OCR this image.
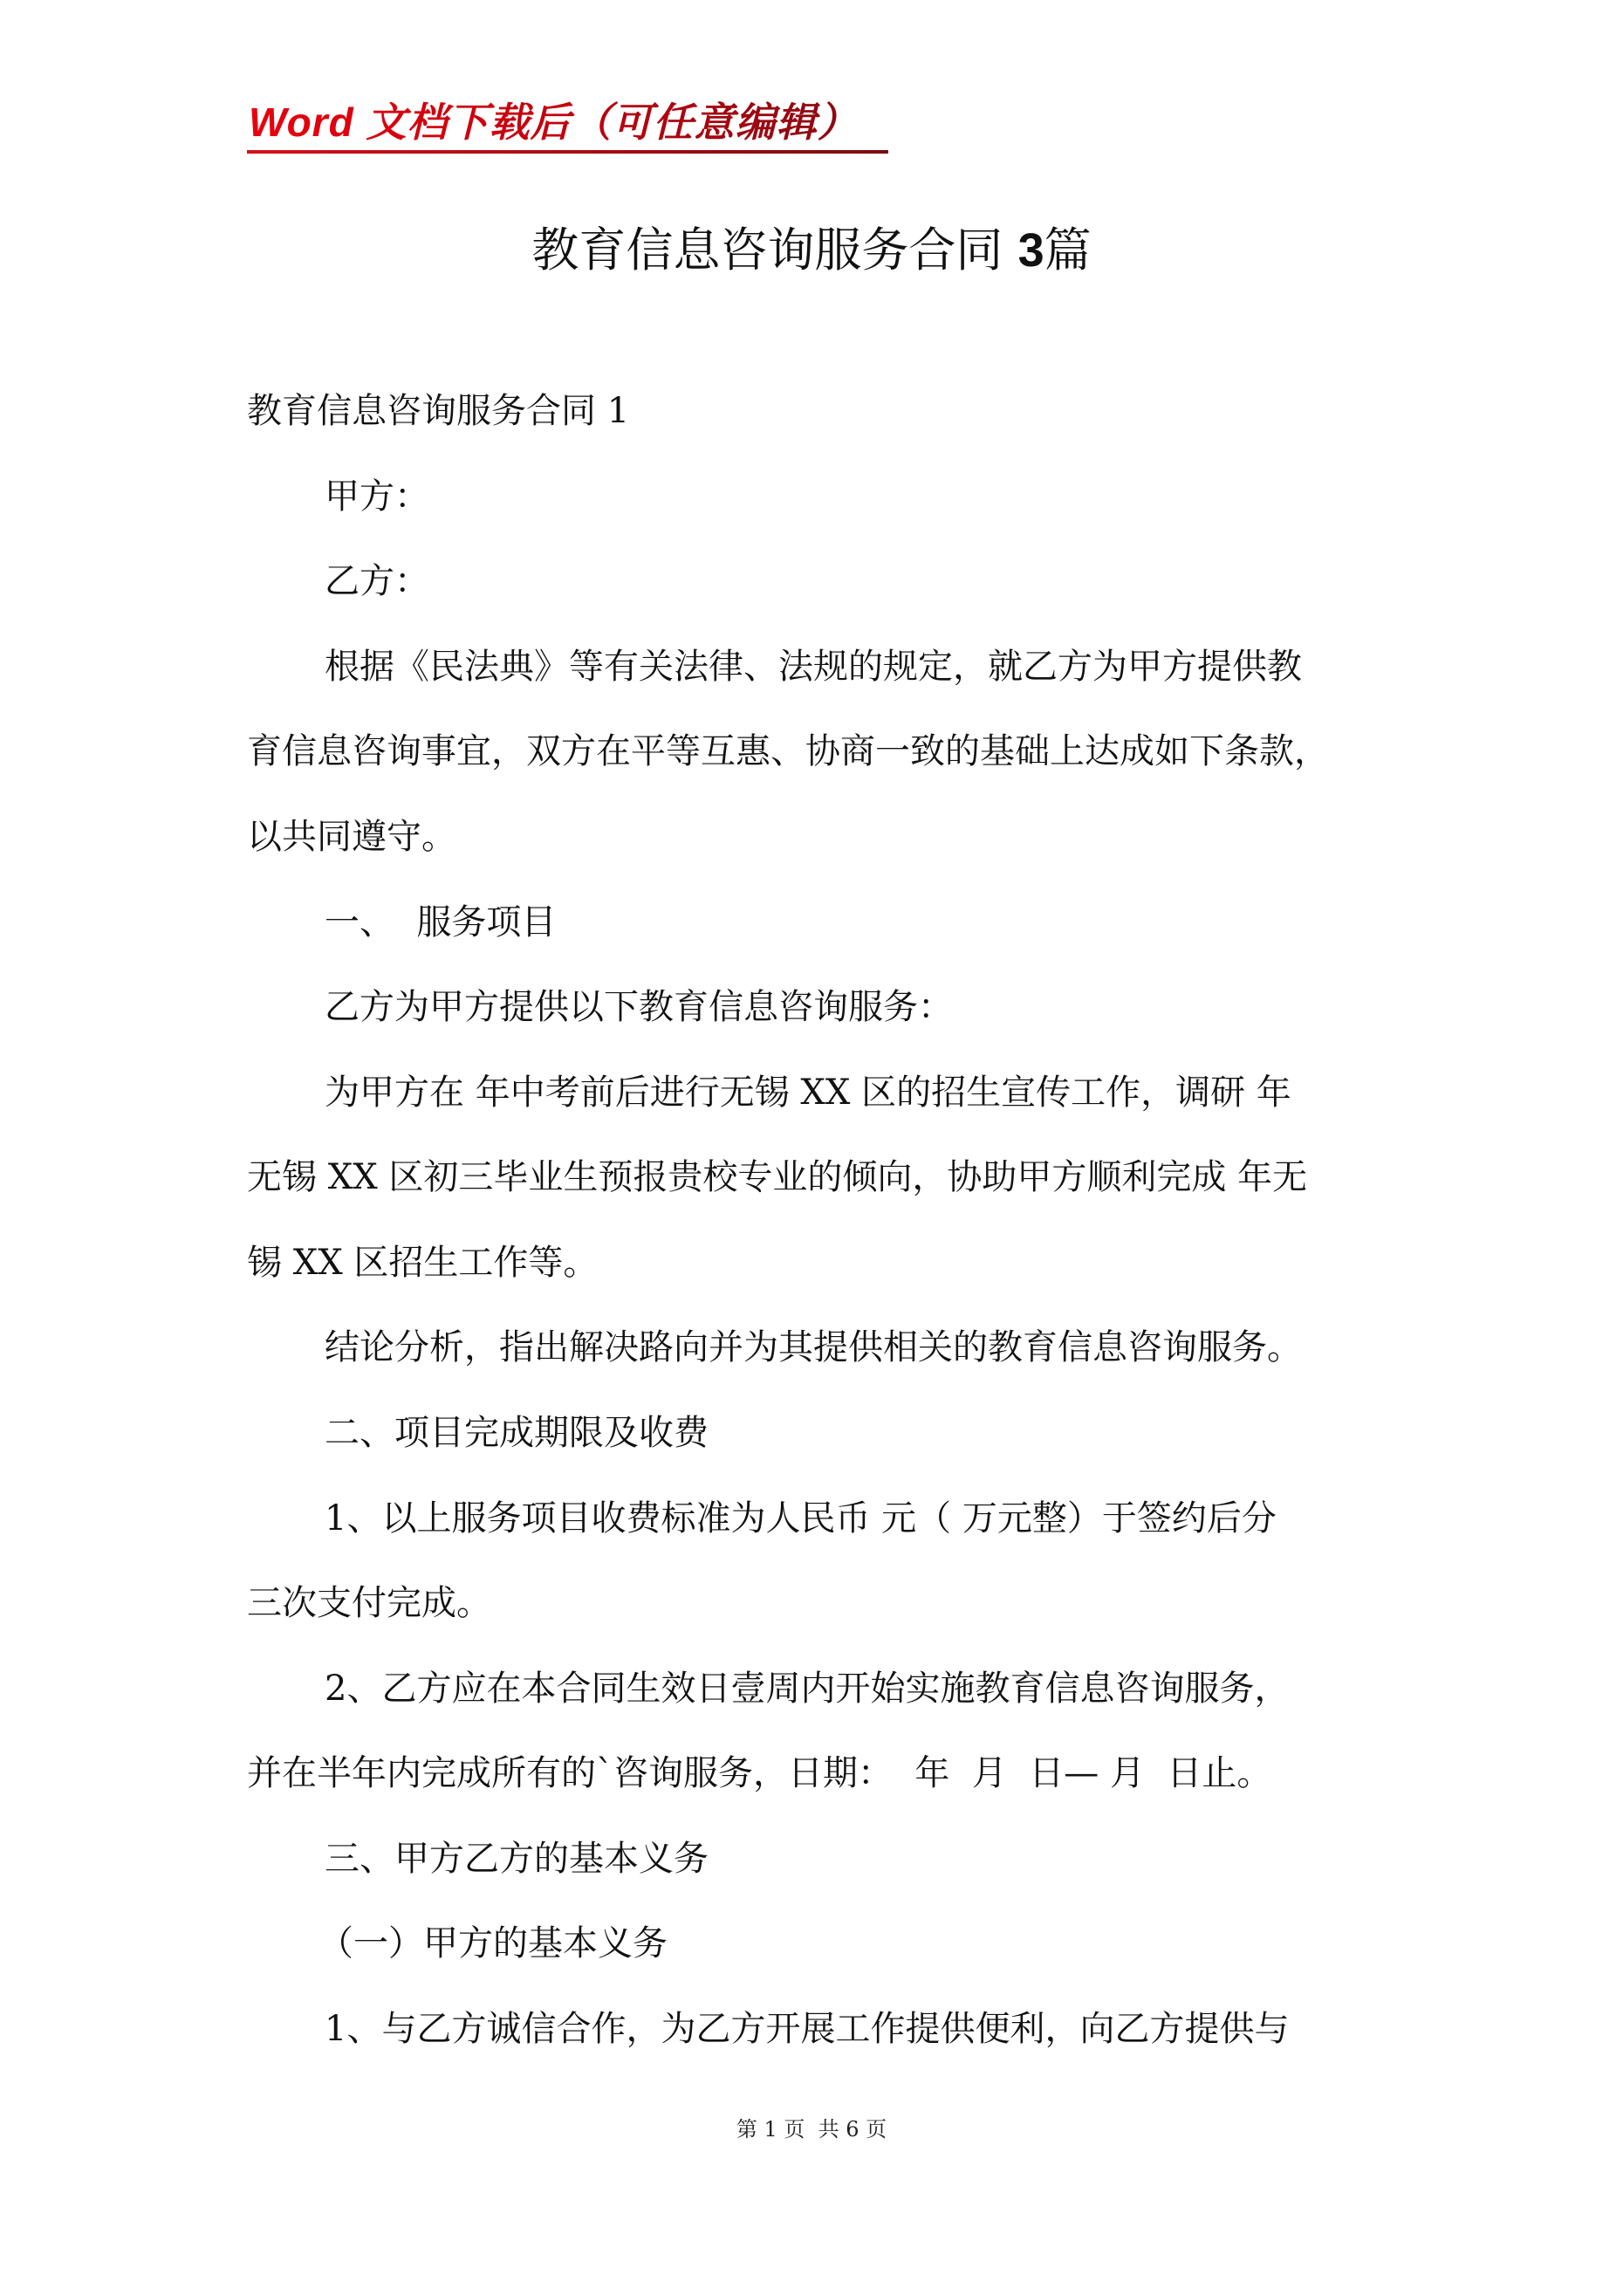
Word 文档下载后（可任意编辑）
教育信息咨询服务合同 3篇
教育信息咨询服务合同 1
甲方：
乙方：
根据《民法典》等有关法律、法规的规定，就乙方为甲方提供教
育信息咨询事宜，双方在平等互惠、协商一致的基础上达成如下条款，
以共同遵守。
一、  服务项目
乙方为甲方提供以下教育信息咨询服务：
为甲方在 年中考前后进行无锡 XX 区的招生宣传工作，调研 年
无锡 XX 区初三毕业生预报贵校专业的倾向，协助甲方顺利完成 年无
锡 XX 区招生工作等。
结论分析，指出解决路向并为其提供相关的教育信息咨询服务。
二、项目完成期限及收费
1、以上服务项目收费标准为人民币 元（ 万元整）于签约后分
三次支付完成。
2、乙方应在本合同生效日壹周内开始实施教育信息咨询服务，
并在半年内完成所有的`咨询服务，日期：  年  月  日— 月  日止。
三、甲方乙方的基本义务
（一）甲方的基本义务
1、与乙方诚信合作，为乙方开展工作提供便利，向乙方提供与
第 1 页  共 6 页
